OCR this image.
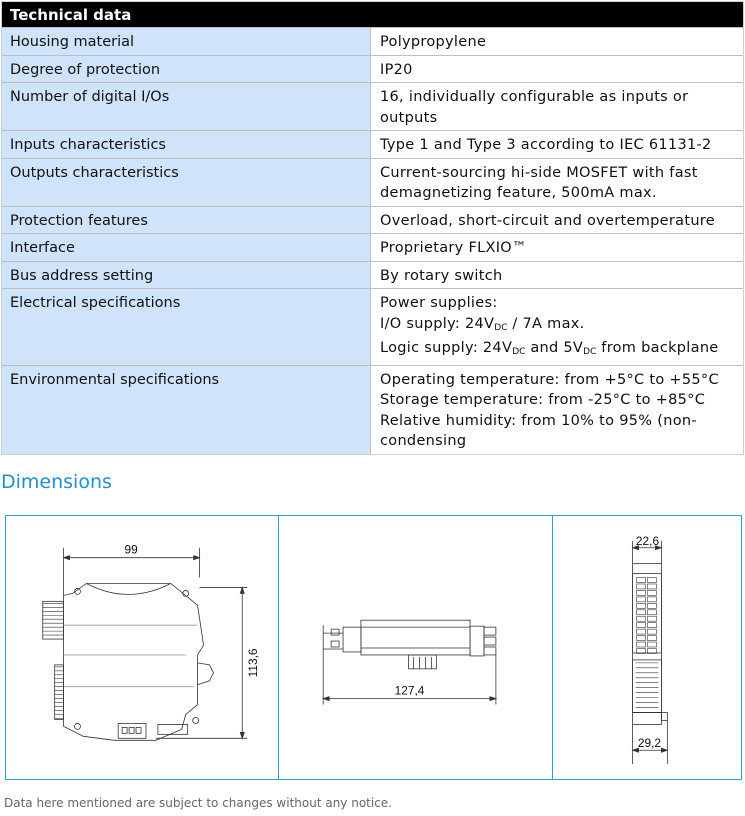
Technical data
Housing material	Polypropylene
Degree of protection	IP20
Number of digital I/Os	16, individually configurable as inputs or
outputs
Inputs characteristics	Type 1 and Type 3 according to IEC 61131-2
Outputs characteristics	Current-sourcing hi-side MOSFET with fast
demagnetizing feature, 500mA max.
Protection features	Overload, short-circuit and overtemperature
Interface	Proprietary FLXIO™
Bus address setting	By rotary switch
Electrical specifications	Power supplies:
I/O supply: $24V_{DC} / 7A$ max.
Logic supply: $24V_{DC}$ and $5V_{DC}$ from backplane
Environmental specifications	Operating temperature: from +5°C to +55°C
Storage temperature: from -25°C to +85°C
Relative humidity: from 10% to 95% (non-
condensing
Dimensions
99
113,6
127,4
22,6
29,2
Data here mentioned are subject to changes without any notice.
